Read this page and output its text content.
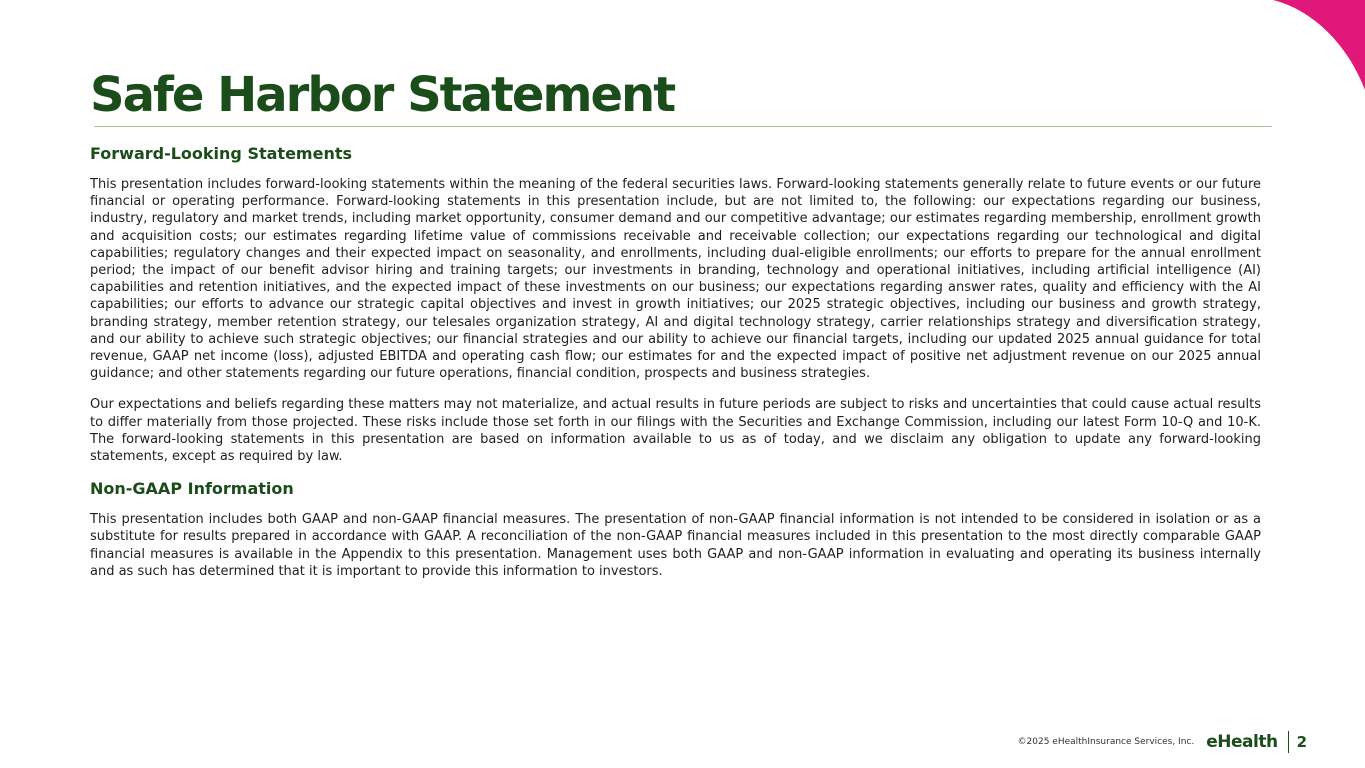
Safe Harbor Statement
Forward-Looking Statements

This presentation includes forward-looking statements within the meaning of the federal securities laws. Forward-looking statements generally relate to future events or our future financial or operating performance. Forward-looking statements in this presentation include, but are not limited to, the following: our expectations regarding our business, industry, regulatory and market trends, including market opportunity, consumer demand and our competitive advantage; our estimates regarding membership, enrollment growth and acquisition costs; our estimates regarding lifetime value of commissions receivable and receivable collection; our expectations regarding our technological and digital capabilities; regulatory changes and their expected impact on seasonality, and enrollments, including dual-eligible enrollments; our efforts to prepare for the annual enrollment period; the impact of our benefit advisor hiring and training targets; our investments in branding, technology and operational initiatives, including artificial intelligence (AI) capabilities and retention initiatives, and the expected impact of these investments on our business; our expectations regarding answer rates, quality and efficiency with the AI capabilities; our efforts to advance our strategic capital objectives and invest in growth initiatives; our 2025 strategic objectives, including our business and growth strategy, branding strategy, member retention strategy, our telesales organization strategy, AI and digital technology strategy, carrier relationships strategy and diversification strategy, and our ability to achieve such strategic objectives; our financial strategies and our ability to achieve our financial targets, including our updated 2025 annual guidance for total revenue, GAAP net income (loss), adjusted EBITDA and operating cash flow; our estimates for and the expected impact of positive net adjustment revenue on our 2025 annual guidance; and other statements regarding our future operations, financial condition, prospects and business strategies.

Our expectations and beliefs regarding these matters may not materialize, and actual results in future periods are subject to risks and uncertainties that could cause actual results to differ materially from those projected. These risks include those set forth in our filings with the Securities and Exchange Commission, including our latest Form 10-Q and 10-K. The forward-looking statements in this presentation are based on information available to us as of today, and we disclaim any obligation to update any forward-looking statements, except as required by law.

Non-GAAP Information

This presentation includes both GAAP and non-GAAP financial measures. The presentation of non-GAAP financial information is not intended to be considered in isolation or as a substitute for results prepared in accordance with GAAP. A reconciliation of the non-GAAP financial measures included in this presentation to the most directly comparable GAAP financial measures is available in the Appendix to this presentation. Management uses both GAAP and non-GAAP information in evaluating and operating its business internally and as such has determined that it is important to provide this information to investors.

©2025 eHealthInsurance Services, Inc. eHealth 2
